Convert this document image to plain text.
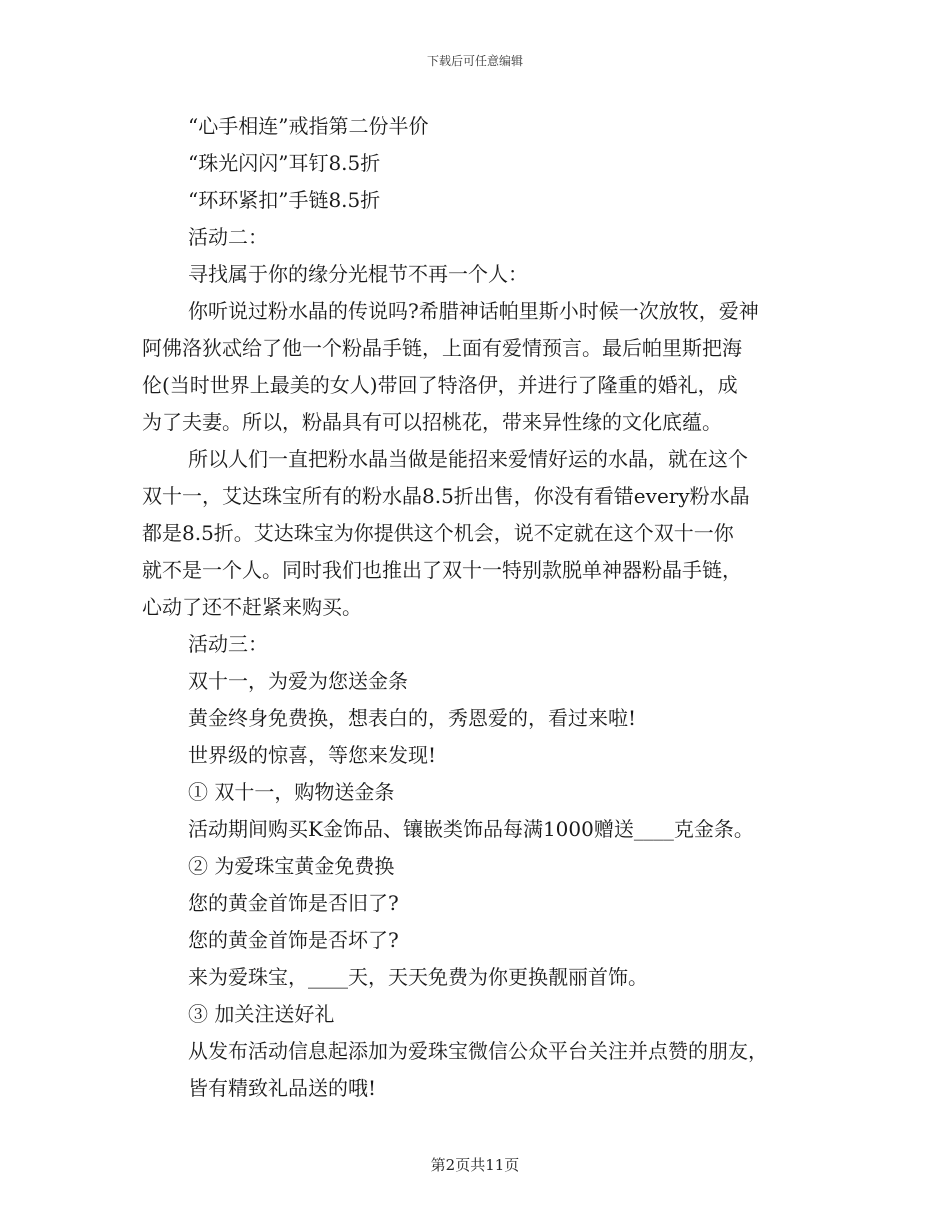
下载后可任意编辑
“心手相连”戒指第二份半价
“珠光闪闪”耳钉8.5折
“环环紧扣”手链8.5折
活动二：
寻找属于你的缘分光棍节不再一个人：
你听说过粉水晶的传说吗?希腊神话帕里斯小时候一次放牧，爱神
阿佛洛狄忒给了他一个粉晶手链，上面有爱情预言。最后帕里斯把海
伦(当时世界上最美的女人)带回了特洛伊，并进行了隆重的婚礼，成
为了夫妻。所以，粉晶具有可以招桃花，带来异性缘的文化底蕴。
所以人们一直把粉水晶当做是能招来爱情好运的水晶，就在这个
双十一，艾达珠宝所有的粉水晶8.5折出售，你没有看错every粉水晶
都是8.5折。艾达珠宝为你提供这个机会，说不定就在这个双十一你
就不是一个人。同时我们也推出了双十一特别款脱单神器粉晶手链，
心动了还不赶紧来购买。
活动三：
双十一，为爱为您送金条
黄金终身免费换，想表白的，秀恩爱的，看过来啦!
世界级的惊喜，等您来发现!
① 双十一，购物送金条
活动期间购买K金饰品、镶嵌类饰品每满1000赠送____克金条。
② 为爱珠宝黄金免费换
您的黄金首饰是否旧了?
您的黄金首饰是否坏了?
来为爱珠宝，____天，天天免费为你更换靓丽首饰。
③ 加关注送好礼
从发布活动信息起添加为爱珠宝微信公众平台关注并点赞的朋友，
皆有精致礼品送的哦!
第2页共11页
